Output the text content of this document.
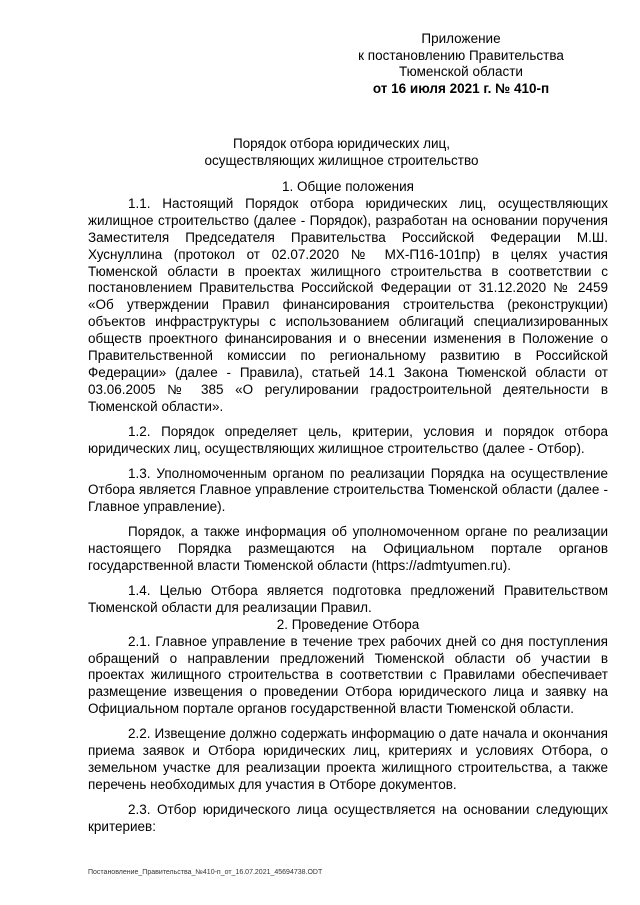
Приложение
к постановлению Правительства
Тюменской области
от 16 июля 2021 г. № 410-п
Порядок отбора юридических лиц,
осуществляющих жилищное строительство

1. Общие положения

1.1. Настоящий Порядок отбора юридических лиц, осуществляющих жилищное строительство (далее - Порядок), разработан на основании поручения Заместителя Председателя Правительства Российской Федерации М.Ш. Хуснуллина (протокол от 02.07.2020 № МХ-П16-101пр) в целях участия Тюменской области в проектах жилищного строительства в соответствии с постановлением Правительства Российской Федерации от 31.12.2020 № 2459 «Об утверждении Правил финансирования строительства (реконструкции) объектов инфраструктуры с использованием облигаций специализированных обществ проектного финансирования и о внесении изменения в Положение о Правительственной комиссии по региональному развитию в Российской Федерации» (далее - Правила), статьей 14.1 Закона Тюменской области от 03.06.2005 № 385 «О регулировании градостроительной деятельности в Тюменской области».

1.2. Порядок определяет цель, критерии, условия и порядок отбора юридических лиц, осуществляющих жилищное строительство (далее - Отбор).

1.3. Уполномоченным органом по реализации Порядка на осуществление Отбора является Главное управление строительства Тюменской области (далее - Главное управление).

Порядок, а также информация об уполномоченном органе по реализации настоящего Порядка размещаются на Официальном портале органов государственной власти Тюменской области (https://admtyumen.ru).

1.4. Целью Отбора является подготовка предложений Правительством Тюменской области для реализации Правил.

2. Проведение Отбора

2.1. Главное управление в течение трех рабочих дней со дня поступления обращений о направлении предложений Тюменской области об участии в проектах жилищного строительства в соответствии с Правилами обеспечивает размещение извещения о проведении Отбора юридического лица и заявку на Официальном портале органов государственной власти Тюменской области.

2.2. Извещение должно содержать информацию о дате начала и окончания приема заявок и Отбора юридических лиц, критериях и условиях Отбора, о земельном участке для реализации проекта жилищного строительства, а также перечень необходимых для участия в Отборе документов.

2.3. Отбор юридического лица осуществляется на основании следующих критериев:

Постановление_Правительства_№410-п_от_16.07.2021_45694738.ODT
